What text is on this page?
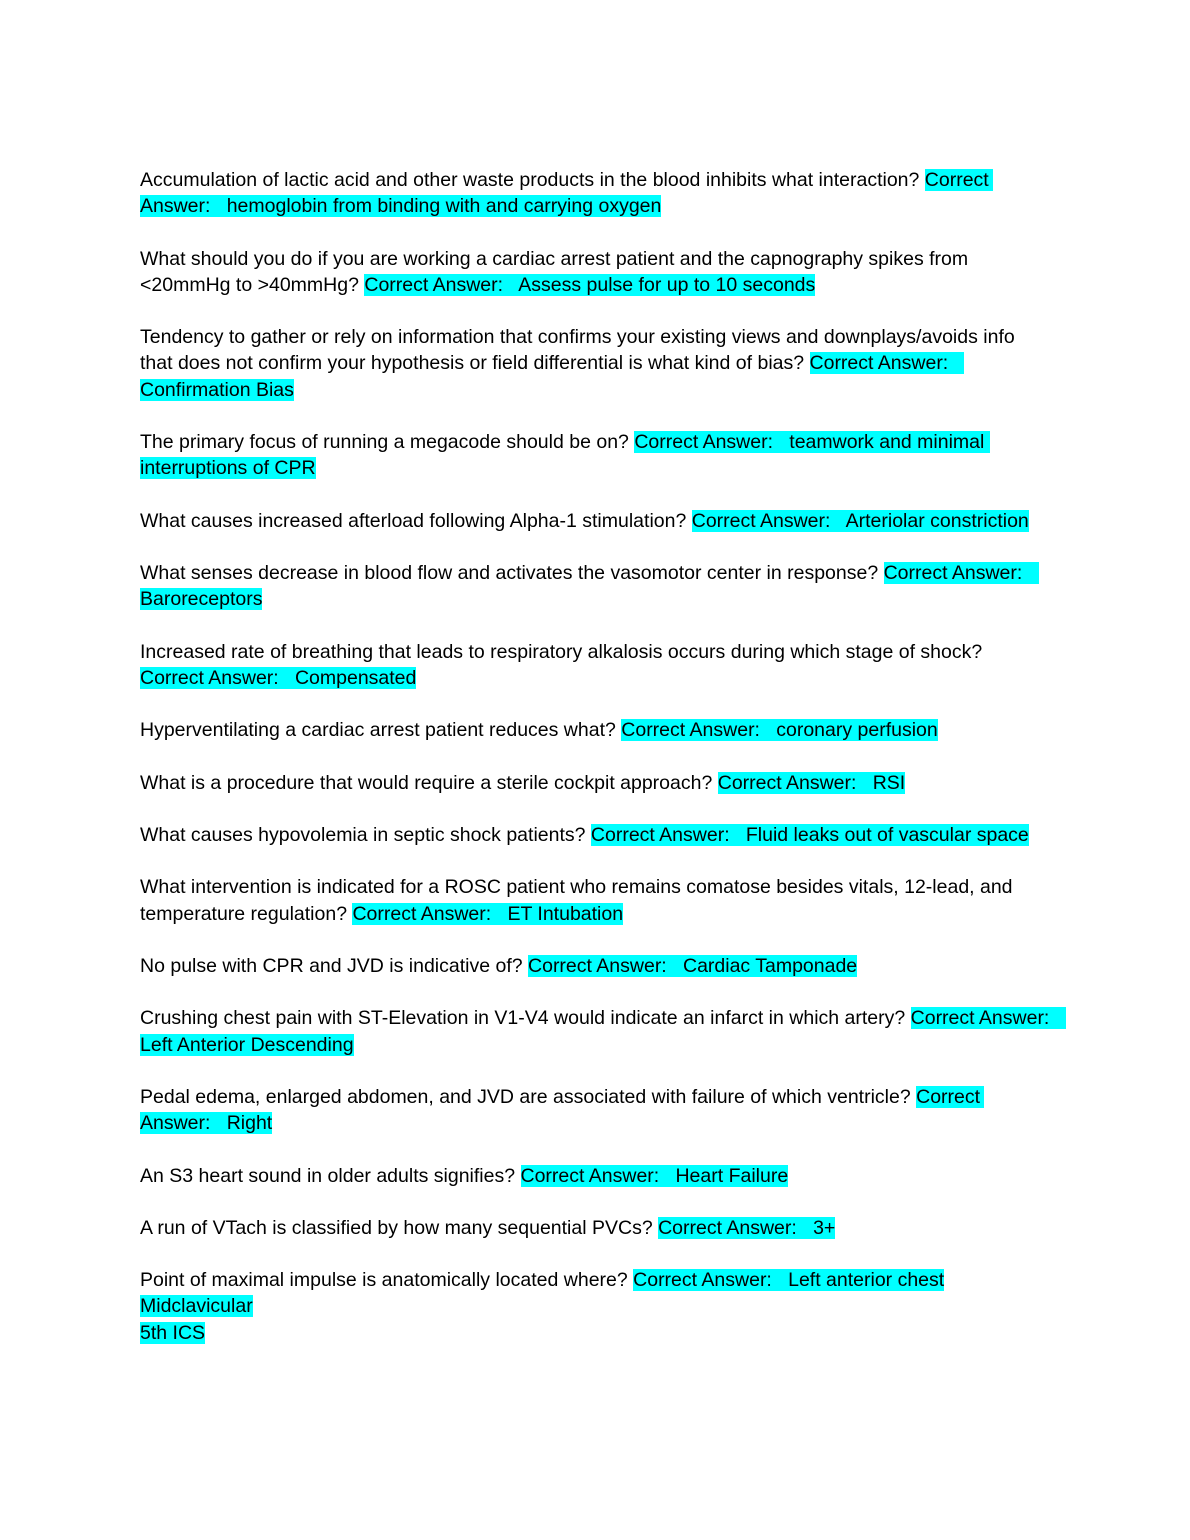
Accumulation of lactic acid and other waste products in the blood inhibits what interaction? Correct Answer:   hemoglobin from binding with and carrying oxygen

What should you do if you are working a cardiac arrest patient and the capnography spikes from <20mmHg to >40mmHg? Correct Answer:   Assess pulse for up to 10 seconds

Tendency to gather or rely on information that confirms your existing views and downplays/avoids info that does not confirm your hypothesis or field differential is what kind of bias? Correct Answer:   Confirmation Bias

The primary focus of running a megacode should be on? Correct Answer:   teamwork and minimal interruptions of CPR

What causes increased afterload following Alpha-1 stimulation? Correct Answer:   Arteriolar constriction

What senses decrease in blood flow and activates the vasomotor center in response? Correct Answer:   Baroreceptors

Increased rate of breathing that leads to respiratory alkalosis occurs during which stage of shock? Correct Answer:   Compensated

Hyperventilating a cardiac arrest patient reduces what? Correct Answer:   coronary perfusion

What is a procedure that would require a sterile cockpit approach? Correct Answer:   RSI

What causes hypovolemia in septic shock patients? Correct Answer:   Fluid leaks out of vascular space

What intervention is indicated for a ROSC patient who remains comatose besides vitals, 12-lead, and temperature regulation? Correct Answer:   ET Intubation

No pulse with CPR and JVD is indicative of? Correct Answer:   Cardiac Tamponade

Crushing chest pain with ST-Elevation in V1-V4 would indicate an infarct in which artery? Correct Answer:   Left Anterior Descending

Pedal edema, enlarged abdomen, and JVD are associated with failure of which ventricle? Correct Answer:   Right

An S3 heart sound in older adults signifies? Correct Answer:   Heart Failure

A run of VTach is classified by how many sequential PVCs? Correct Answer:   3+

Point of maximal impulse is anatomically located where? Correct Answer:   Left anterior chest
Midclavicular
5th ICS
